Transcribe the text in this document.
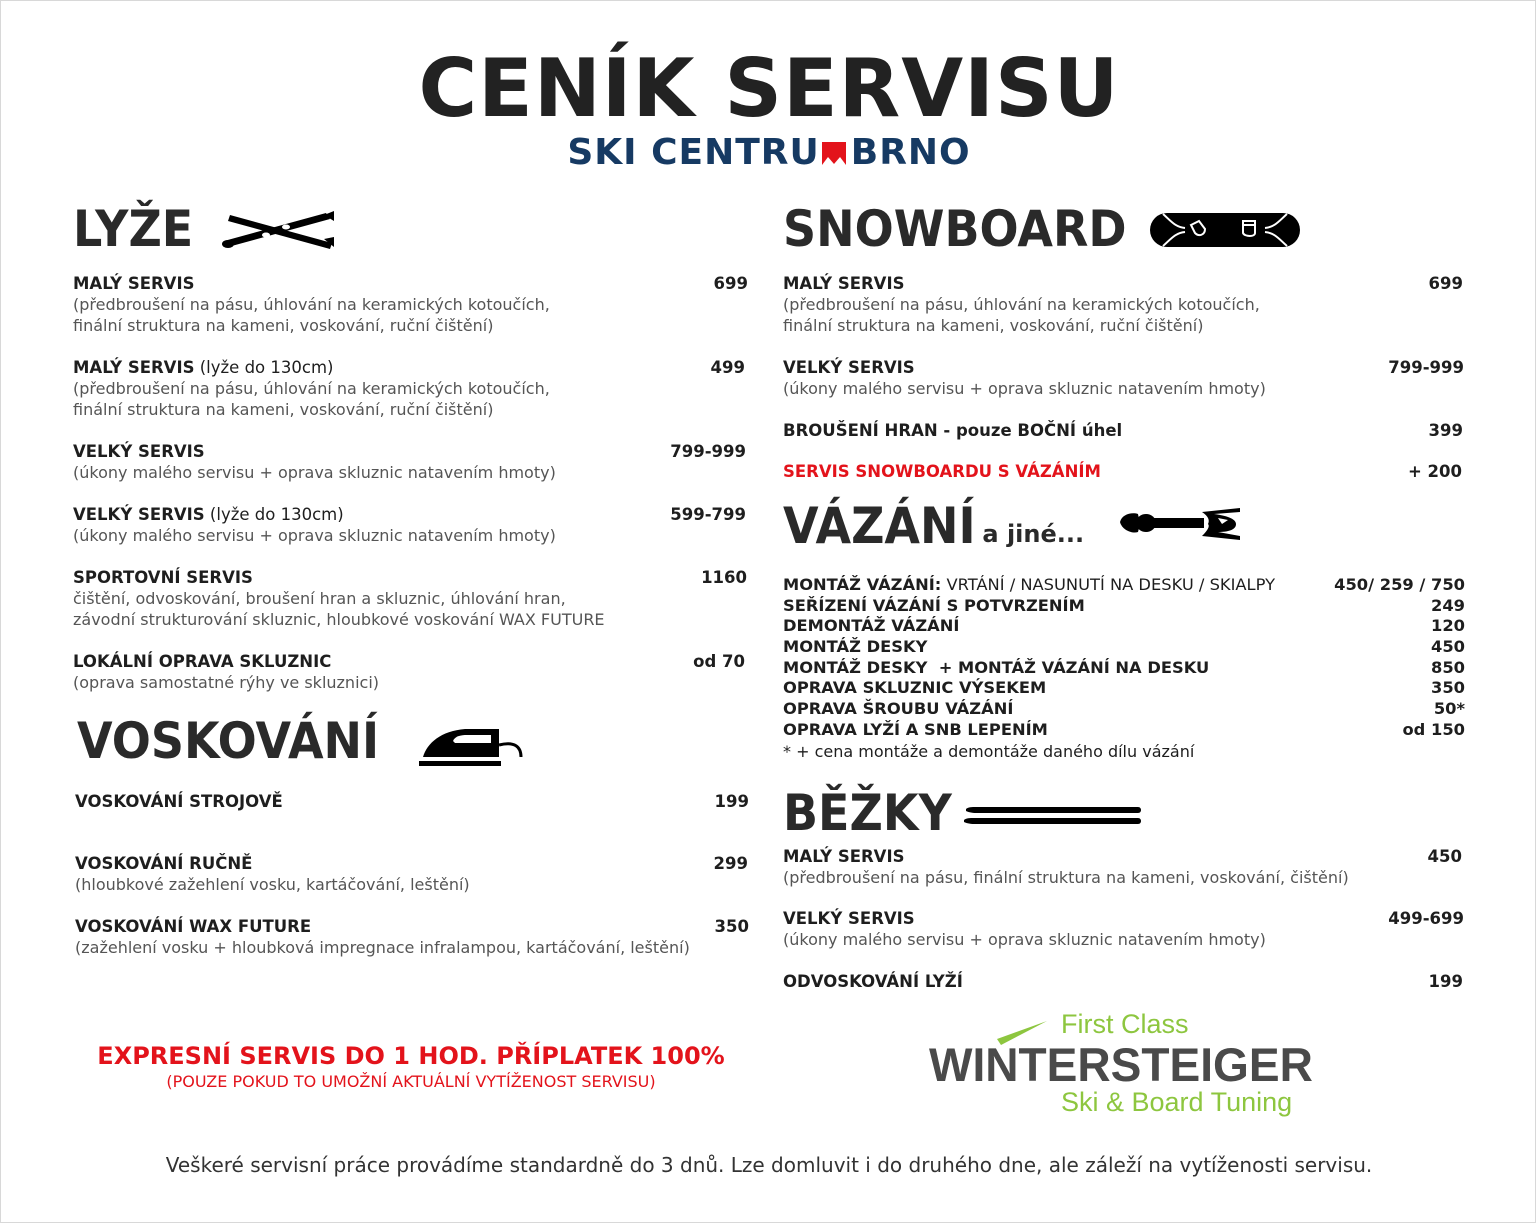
CENÍK SERVISU
SKI CENTRU BRNO
LYŽE
MALÝ SERVIS	699
(předbroušení na pásu, úhlování na keramických kotoučích,
finální struktura na kameni, voskování, ruční čištění)
MALÝ SERVIS (lyže do 130cm)	499
(předbroušení na pásu, úhlování na keramických kotoučích,
finální struktura na kameni, voskování, ruční čištění)
VELKÝ SERVIS	799-999
(úkony malého servisu + oprava skluznic natavením hmoty)
VELKÝ SERVIS (lyže do 130cm)	599-799
(úkony malého servisu + oprava skluznic natavením hmoty)
SPORTOVNÍ SERVIS	1160
čištění, odvoskování, broušení hran a skluznic, úhlování hran,
závodní strukturování skluznic, hloubkové voskování WAX FUTURE
LOKÁLNÍ OPRAVA SKLUZNIC	od 70
(oprava samostatné rýhy ve skluznici)
VOSKOVÁNÍ
VOSKOVÁNÍ STROJOVĚ	199
VOSKOVÁNÍ RUČNĚ	299
(hloubkové zažehlení vosku, kartáčování, leštění)
VOSKOVÁNÍ WAX FUTURE	350
(zažehlení vosku + hloubková impregnace infralampou, kartáčování, leštění)
SNOWBOARD
MALÝ SERVIS	699
(předbroušení na pásu, úhlování na keramických kotoučích,
finální struktura na kameni, voskování, ruční čištění)
VELKÝ SERVIS	799-999
(úkony malého servisu + oprava skluznic natavením hmoty)
BROUŠENÍ HRAN - pouze BOČNÍ úhel	399
SERVIS SNOWBOARDU S VÁZÁNÍM	+ 200
VÁZÁNÍ a jiné...
MONTÁŽ VÁZÁNÍ: VRTÁNÍ / NASUNUTÍ NA DESKU / SKIALPY	450/ 259 / 750
SEŘÍZENÍ VÁZÁNÍ S POTVRZENÍM	249
DEMONTÁŽ VÁZÁNÍ	120
MONTÁŽ DESKY	450
MONTÁŽ DESKY  + MONTÁŽ VÁZÁNÍ NA DESKU	850
OPRAVA SKLUZNIC VÝSEKEM	350
OPRAVA ŠROUBU VÁZÁNÍ	50*
OPRAVA LYŽÍ A SNB LEPENÍM	od 150
* + cena montáže a demontáže daného dílu vázání
BĚŽKY
MALÝ SERVIS	450
(předbroušení na pásu, finální struktura na kameni, voskování, čištění)
VELKÝ SERVIS	499-699
(úkony malého servisu + oprava skluznic natavením hmoty)
ODVOSKOVÁNÍ LYŽÍ	199
EXPRESNÍ SERVIS DO 1 HOD. PŘÍPLATEK 100%
(POUZE POKUD TO UMOŽNÍ AKTUÁLNÍ VYTÍŽENOST SERVISU)
First Class
WINTERSTEIGER
Ski & Board Tuning
Veškeré servisní práce provádíme standardně do 3 dnů. Lze domluvit i do druhého dne, ale záleží na vytíženosti servisu.
